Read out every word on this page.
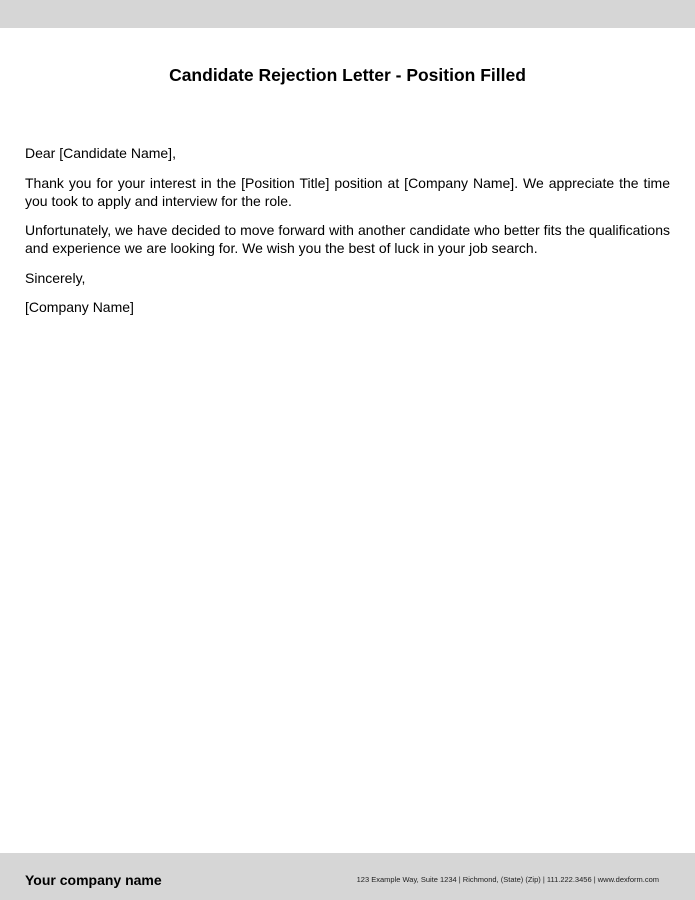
Candidate Rejection Letter - Position Filled
Dear [Candidate Name],
Thank you for your interest in the [Position Title] position at [Company Name]. We appreciate the time you took to apply and interview for the role.
Unfortunately, we have decided to move forward with another candidate who better fits the qualifications and experience we are looking for. We wish you the best of luck in your job search.
Sincerely,
[Company Name]
Your company name	123 Example Way, Suite 1234 | Richmond, (State) (Zip) | 111.222.3456 | www.dexform.com
